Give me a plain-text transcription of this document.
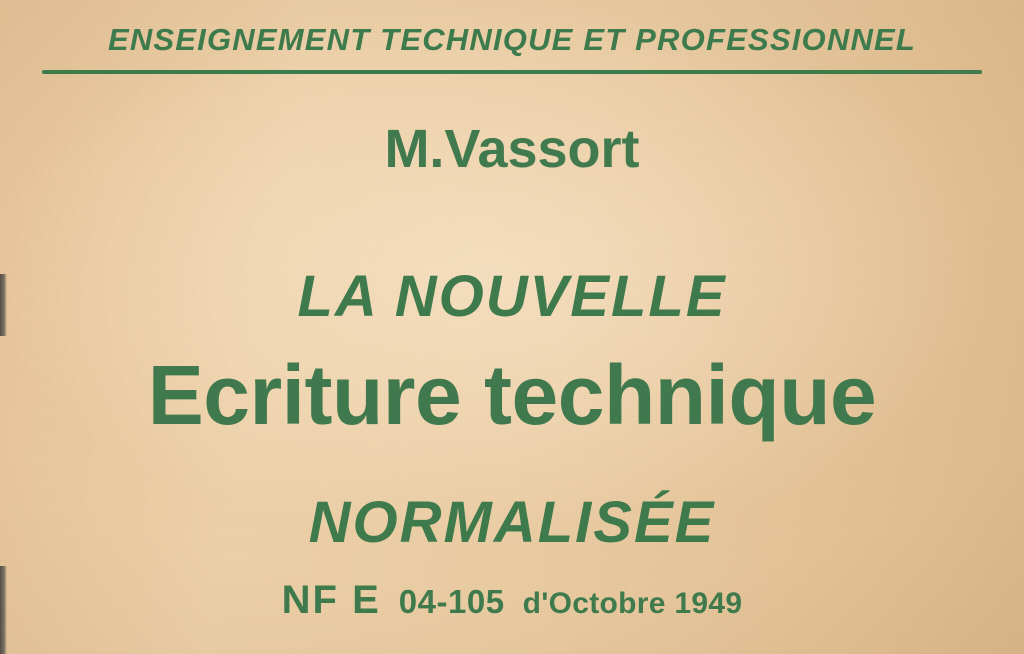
ENSEIGNEMENT TECHNIQUE ET PROFESSIONNEL
M.Vassort
LA NOUVELLE
Ecriture technique
NORMALISÉE
NF E 04-105 d'Octobre 1949
